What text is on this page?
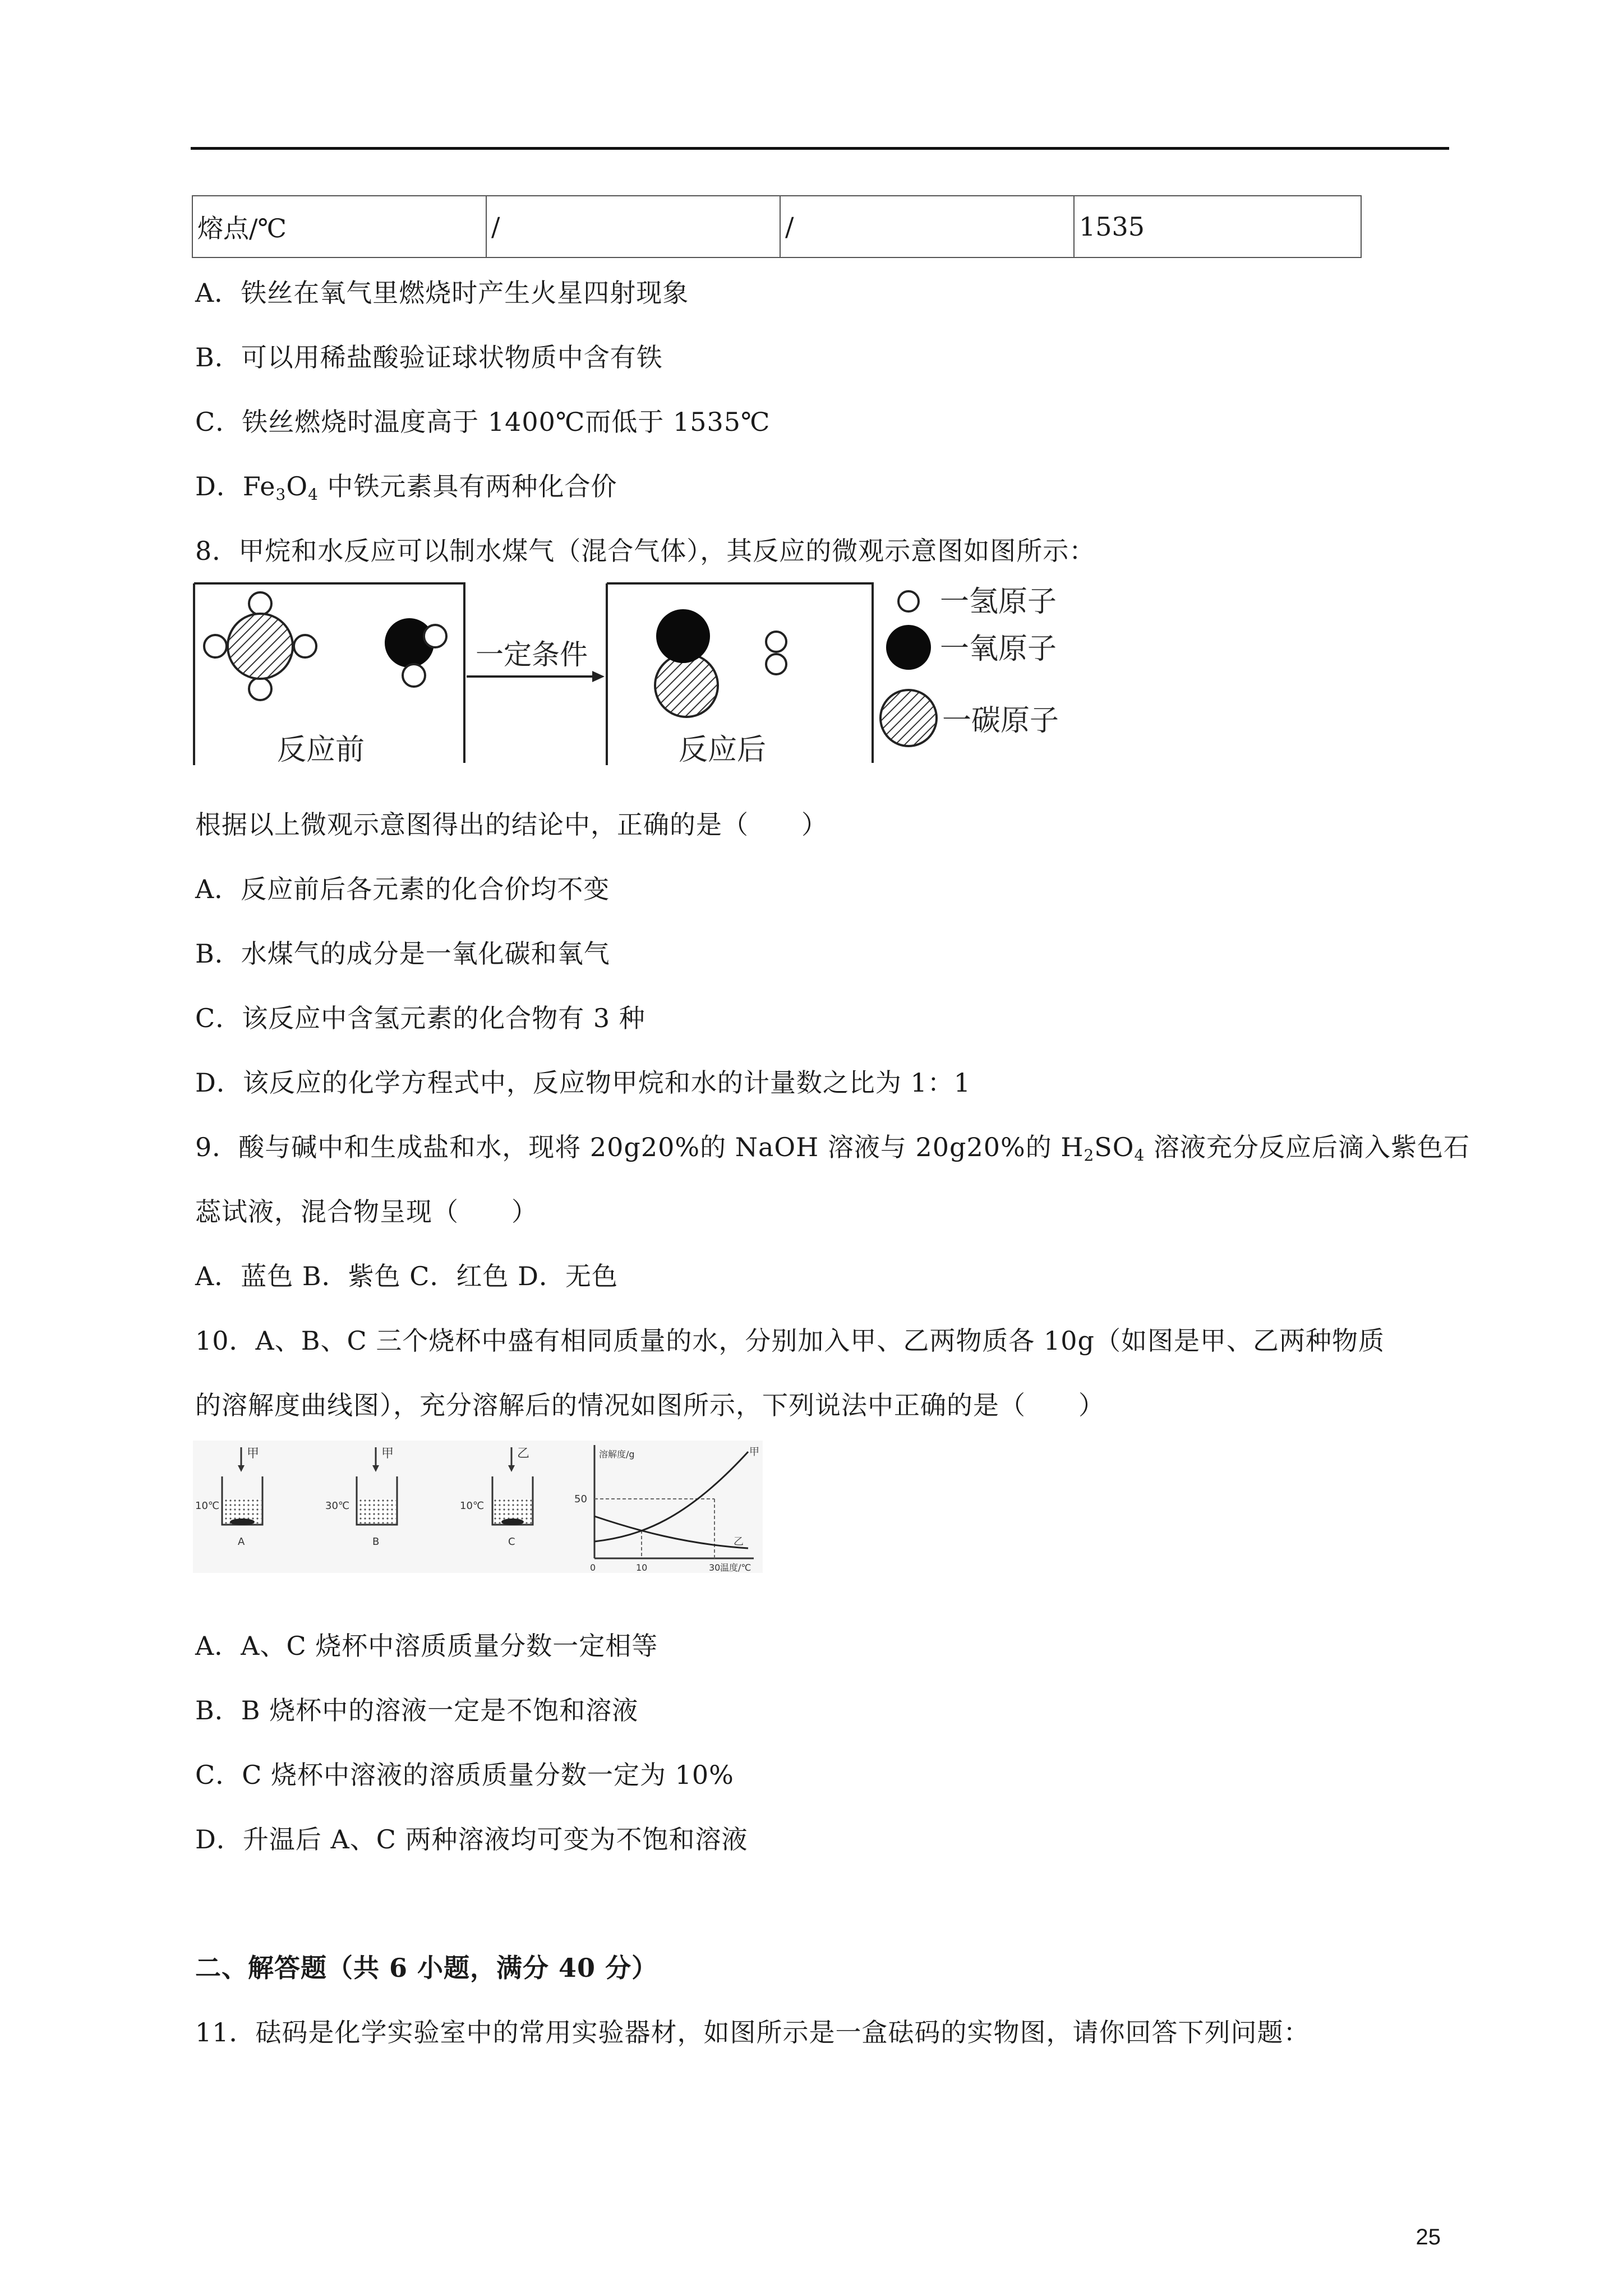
熔点/℃	/	/	1535
A．铁丝在氧气里燃烧时产生火星四射现象
B．可以用稀盐酸验证球状物质中含有铁
C．铁丝燃烧时温度高于 1400℃而低于 1535℃
D．$Fe_3O_4$ 中铁元素具有两种化合价
8．甲烷和水反应可以制水煤气（混合气体），其反应的微观示意图如图所示：
一定条件
反应前	反应后
一氢原子
一氧原子
一碳原子
根据以上微观示意图得出的结论中，正确的是（　　）
A．反应前后各元素的化合价均不变
B．水煤气的成分是一氧化碳和氧气
C．该反应中含氢元素的化合物有 3 种
D．该反应的化学方程式中，反应物甲烷和水的计量数之比为 1：1
9．酸与碱中和生成盐和水，现将 20g20%的 NaOH 溶液与 20g20%的 $H_2SO_4$ 溶液充分反应后滴入紫色石
蕊试液，混合物呈现（　　）
A．蓝色 B．紫色 C．红色 D．无色
10．A、B、C 三个烧杯中盛有相同质量的水，分别加入甲、乙两物质各 10g（如图是甲、乙两种物质
的溶解度曲线图），充分溶解后的情况如图所示，下列说法中正确的是（　　）
甲
10℃
A
甲
30℃
B
乙
10℃
C
溶解度/g
50
甲
乙
0	10	30 温度/℃
A．A、C 烧杯中溶质质量分数一定相等
B．B 烧杯中的溶液一定是不饱和溶液
C．C 烧杯中溶液的溶质质量分数一定为 10%
D．升温后 A、C 两种溶液均可变为不饱和溶液
二、解答题（共 6 小题，满分 40 分）
11．砝码是化学实验室中的常用实验器材，如图所示是一盒砝码的实物图，请你回答下列问题：
25
